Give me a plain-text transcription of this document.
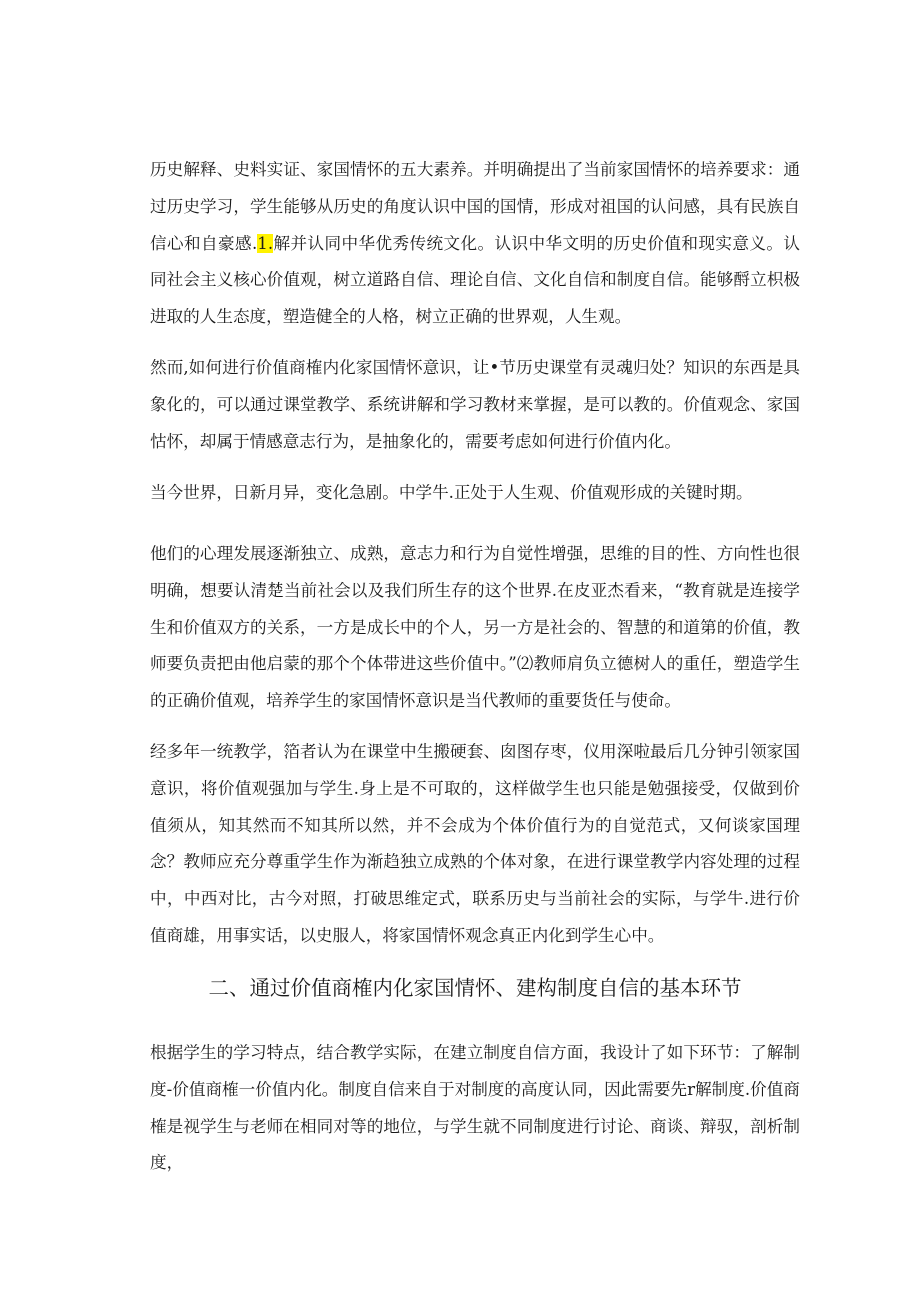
历史解释、史料实证、家国情怀的五大素养。并明确提出了当前家国情怀的培养要求：通过历史学习，学生能够从历史的角度认识中国的国情，形成对祖国的认问感，具有民族自信心和自豪感.1.解并认同中华优秀传统文化。认识中华文明的历史价值和现实意义。认同社会主义核心价值观，树立道路自信、理论自信、文化自信和制度自信。能够酹立枳极进取的人生态度，塑造健全的人格，树立正确的世界观，人生观。

然而,如何进行价值商榷内化家国情怀意识，让•节历史课堂有灵魂归处？知识的东西是具象化的，可以通过课堂教学、系统讲解和学习教材来掌握，是可以教的。价值观念、家国怙怀，却属于情感意志行为，是抽象化的，需要考虑如何进行价值内化。

当今世界，日新月异，变化急剧。中学牛.正处于人生观、价值观形成的关键时期。

他们的心理发展逐渐独立、成熟，意志力和行为自觉性增强，思维的目的性、方向性也很明确，想要认清楚当前社会以及我们所生存的这个世界.在皮亚杰看来，“教育就是连接学生和价值双方的关系，一方是成长中的个人，另一方是社会的、智慧的和道第的价值，教师要负责把由他启蒙的那个个体带进这些价值中。”⑵教师肩负立德树人的重任，塑造学生的正确价值观，培养学生的家国情怀意识是当代教师的重要货任与使命。

经多年一统教学，箔者认为在课堂中生搬硬套、囱图存枣，仪用深啦最后几分钟引领家国意识，将价值观强加与学生.身上是不可取的，这样做学生也只能是勉强接受，仅做到价值须从，知其然而不知其所以然，并不会成为个体价值行为的自觉范式，又何谈家国理念？教师应充分尊重学生作为渐趋独立成熟的个体对象，在进行课堂教学内容处理的过程中，中西对比，古今对照，打破思维定式，联系历史与当前社会的实际，与学牛.进行价值商雄，用事实话，以史服人，将家国情怀观念真正内化到学生心中。

二、通过价值商榷内化家国情怀、建构制度自信的基本环节

根据学生的学习特点，结合教学实际，在建立制度自信方面，我设计了如下环节：了解制度-价值商榷一价值内化。制度自信来自于对制度的高度认同，因此需要先r解制度.价值商榷是视学生与老师在相同对等的地位，与学生就不同制度进行讨论、商谈、辩驭，剖析制度，
